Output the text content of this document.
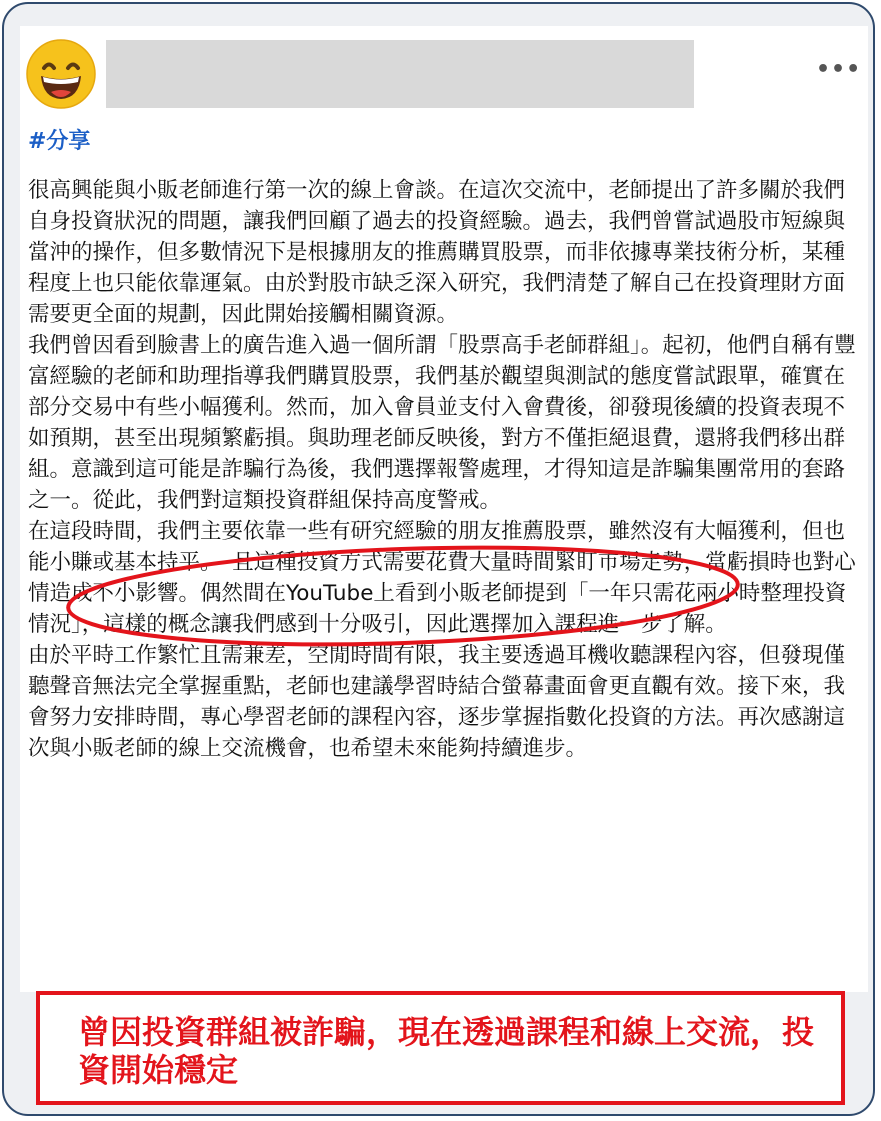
•••
#分享

很高興能與小販老師進行第一次的線上會談。在這次交流中，老師提出了許多關於我們自身投資狀況的問題，讓我們回顧了過去的投資經驗。過去，我們曾嘗試過股市短線與當沖的操作，但多數情況下是根據朋友的推薦購買股票，而非依據專業技術分析，某種程度上也只能依靠運氣。由於對股市缺乏深入研究，我們清楚了解自己在投資理財方面需要更全面的規劃，因此開始接觸相關資源。

我們曾因看到臉書上的廣告進入過一個所謂「股票高手老師群組」。起初，他們自稱有豐富經驗的老師和助理指導我們購買股票，我們基於觀望與測試的態度嘗試跟單，確實在部分交易中有些小幅獲利。然而，加入會員並支付入會費後，卻發現後續的投資表現不如預期，甚至出現頻繁虧損。與助理老師反映後，對方不僅拒絕退費，還將我們移出群組。意識到這可能是詐騙行為後，我們選擇報警處理，才得知這是詐騙集團常用的套路之一。從此，我們對這類投資群組保持高度警戒。

在這段時間，我們主要依靠一些有研究經驗的朋友推薦股票，雖然沒有大幅獲利，但也能小賺或基本持平。　且這種投資方式需要花費大量時間緊盯市場走勢，當虧損時也對心情造成不小影響。偶然間在YouTube上看到小販老師提到「一年只需花兩小時整理投資情況」，這樣的概念讓我們感到十分吸引，因此選擇加入課程進一步了解。

由於平時工作繁忙且需兼差，空閒時間有限，我主要透過耳機收聽課程內容，但發現僅聽聲音無法完全掌握重點，老師也建議學習時結合螢幕畫面會更直觀有效。接下來，我會努力安排時間，專心學習老師的課程內容，逐步掌握指數化投資的方法。再次感謝這次與小販老師的線上交流機會，也希望未來能夠持續進步。

曾因投資群組被詐騙，現在透過課程和線上交流，投資開始穩定
